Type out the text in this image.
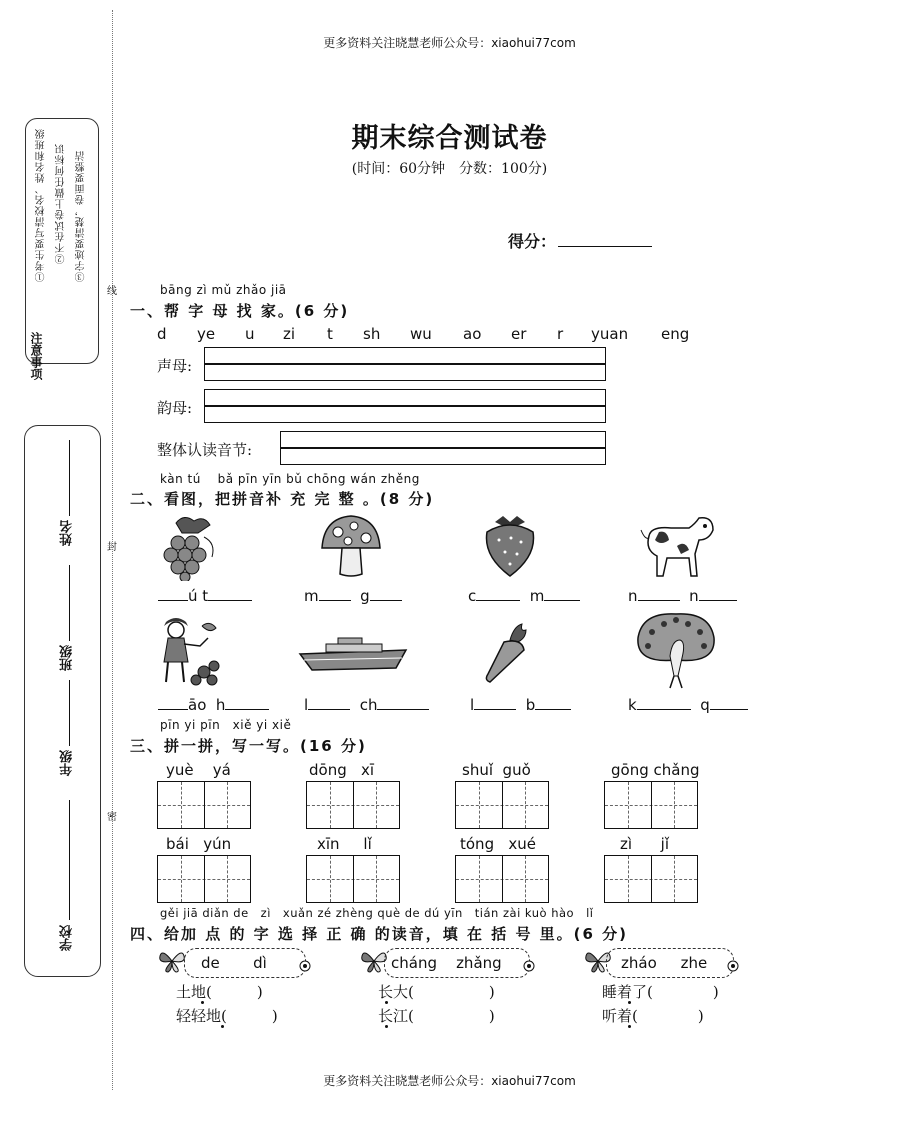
更多资料关注晓慧老师公众号：xiaohui77com
更多资料关注晓慧老师公众号：xiaohui77com
线
封
密
注意事项
①考生要写清校名、姓名和班级 ②不在试卷上做任何标识 ③字迹要清楚，卷面要整洁
姓名
班级
年级
学校
期末综合测试卷
(时间：60分钟　分数：100分)
得分：
bāng zì mǔ zhǎo jiā
一、帮 字 母 找 家。(6 分)
d ye u zi t sh wu ao er r yuan eng
声母:
韵母:
整体认读音节:
kàn tú　 bǎ pīn yīn bǔ chōng wán zhěng
二、看图，把拼音补 充 完 整 。(8 分)
ú t	m	g	c	m	n	n
āo h	l	ch	l	b	k	q
pīn yi pīn　xiě yi xiě
三、拼一拼，写一写。(16 分)
yuè yá	dōng xī	shuǐ guǒ	gōng chǎng
bái yún	xīn lǐ	tóng xué	zì jǐ
gěi jiā diǎn de　zì　xuǎn zé zhèng què de dú yīn　tián zài kuò hào　lǐ
四、给加 点 的 字 选 择 正 确 的读音，填 在 括 号 里。(6 分)
de dì	cháng zhǎng	zháo zhe
土地(　　　)
轻轻地(　　　)
长大(　　　　　)
长江(　　　　　)
睡着了(　　　　)
听着(　　　　)
